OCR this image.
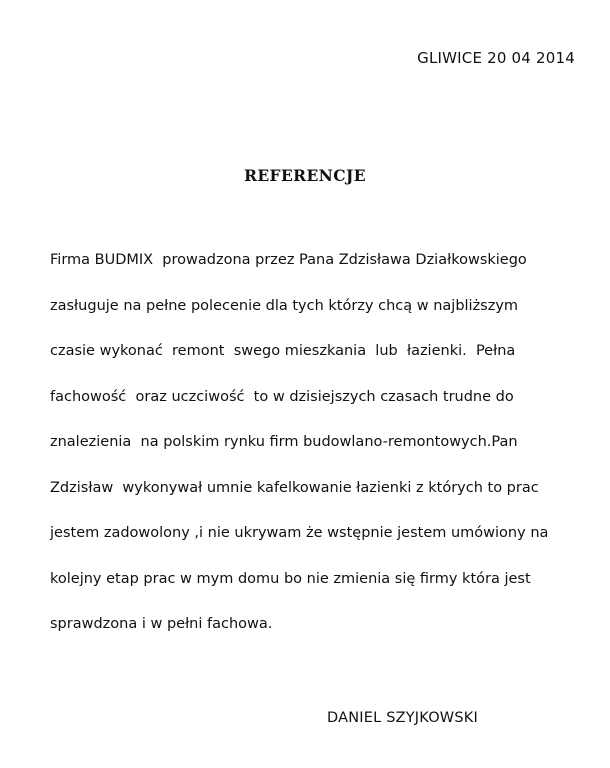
GLIWICE 20 04 2014
REFERENCJE
Firma BUDMIX  prowadzona przez Pana Zdzisława Działkowskiego
zasługuje na pełne polecenie dla tych którzy chcą w najbliższym
czasie wykonać  remont  swego mieszkania  lub  łazienki.  Pełna
fachowość  oraz uczciwość  to w dzisiejszych czasach trudne do
znalezienia  na polskim rynku firm budowlano-remontowych.Pan
Zdzisław  wykonywał umnie kafelkowanie łazienki z których to prac
jestem zadowolony ,i nie ukrywam że wstępnie jestem umówiony na
kolejny etap prac w mym domu bo nie zmienia się firmy która jest
sprawdzona i w pełni fachowa.
DANIEL SZYJKOWSKI
